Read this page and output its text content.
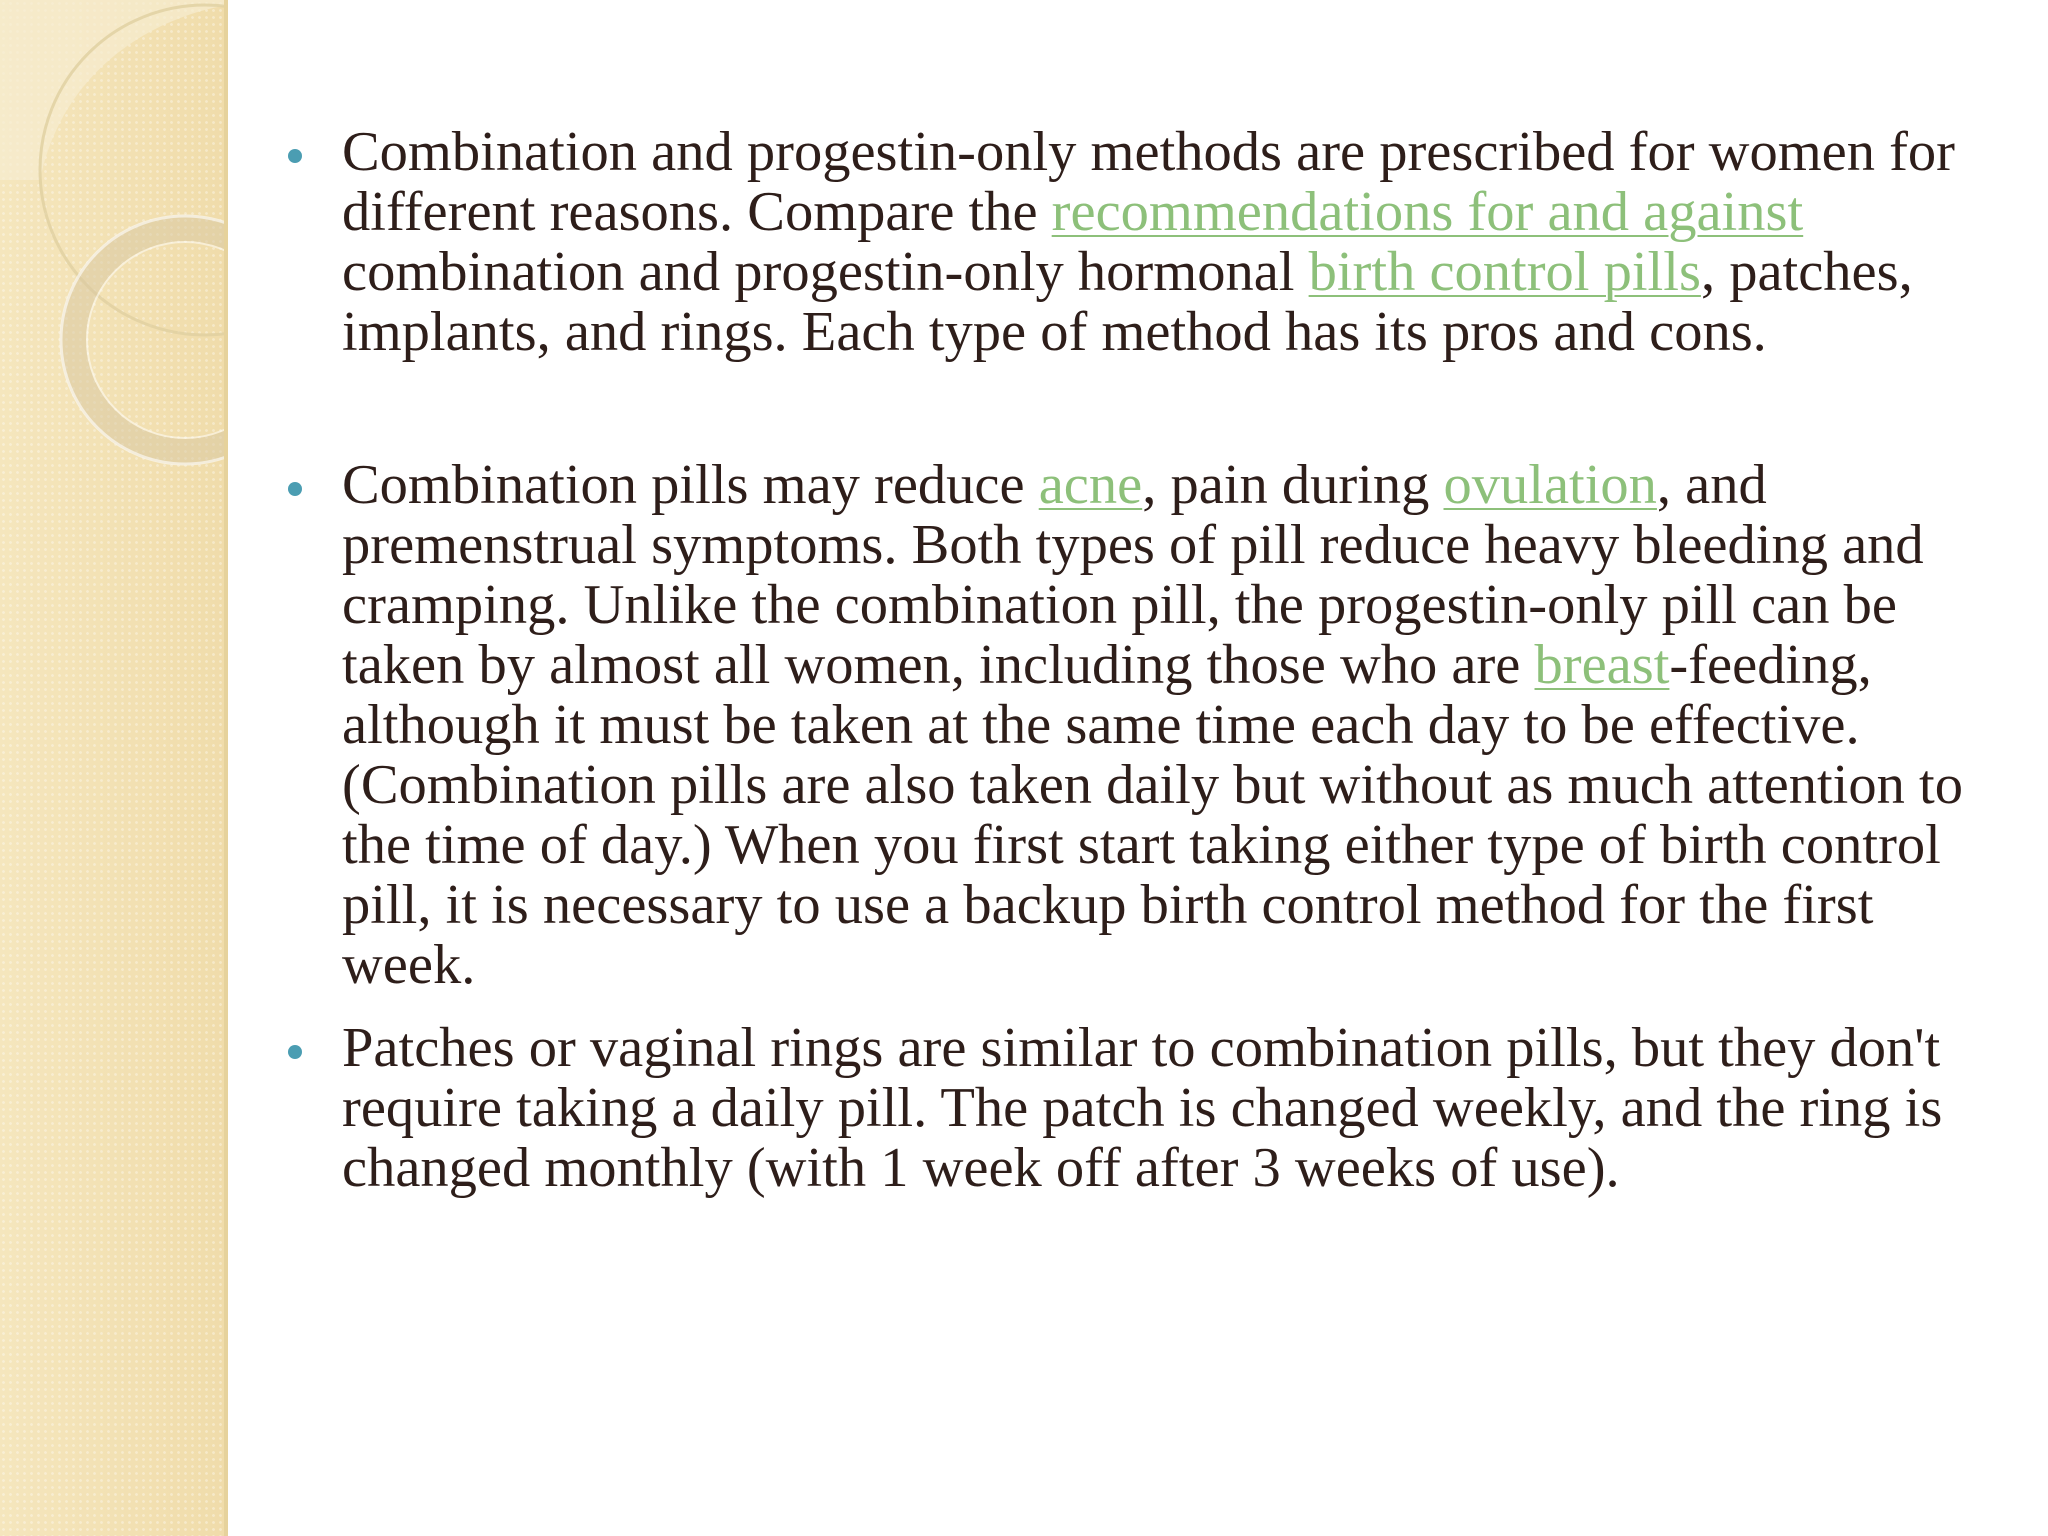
Combination and progestin-only methods are prescribed for women for different reasons. Compare the recommendations for and against combination and progestin-only hormonal birth control pills, patches, implants, and rings. Each type of method has its pros and cons.

Combination pills may reduce acne, pain during ovulation, and premenstrual symptoms. Both types of pill reduce heavy bleeding and cramping. Unlike the combination pill, the progestin-only pill can be taken by almost all women, including those who are breast-feeding, although it must be taken at the same time each day to be effective. (Combination pills are also taken daily but without as much attention to the time of day.) When you first start taking either type of birth control pill, it is necessary to use a backup birth control method for the first week.

Patches or vaginal rings are similar to combination pills, but they don't require taking a daily pill. The patch is changed weekly, and the ring is changed monthly (with 1 week off after 3 weeks of use).
